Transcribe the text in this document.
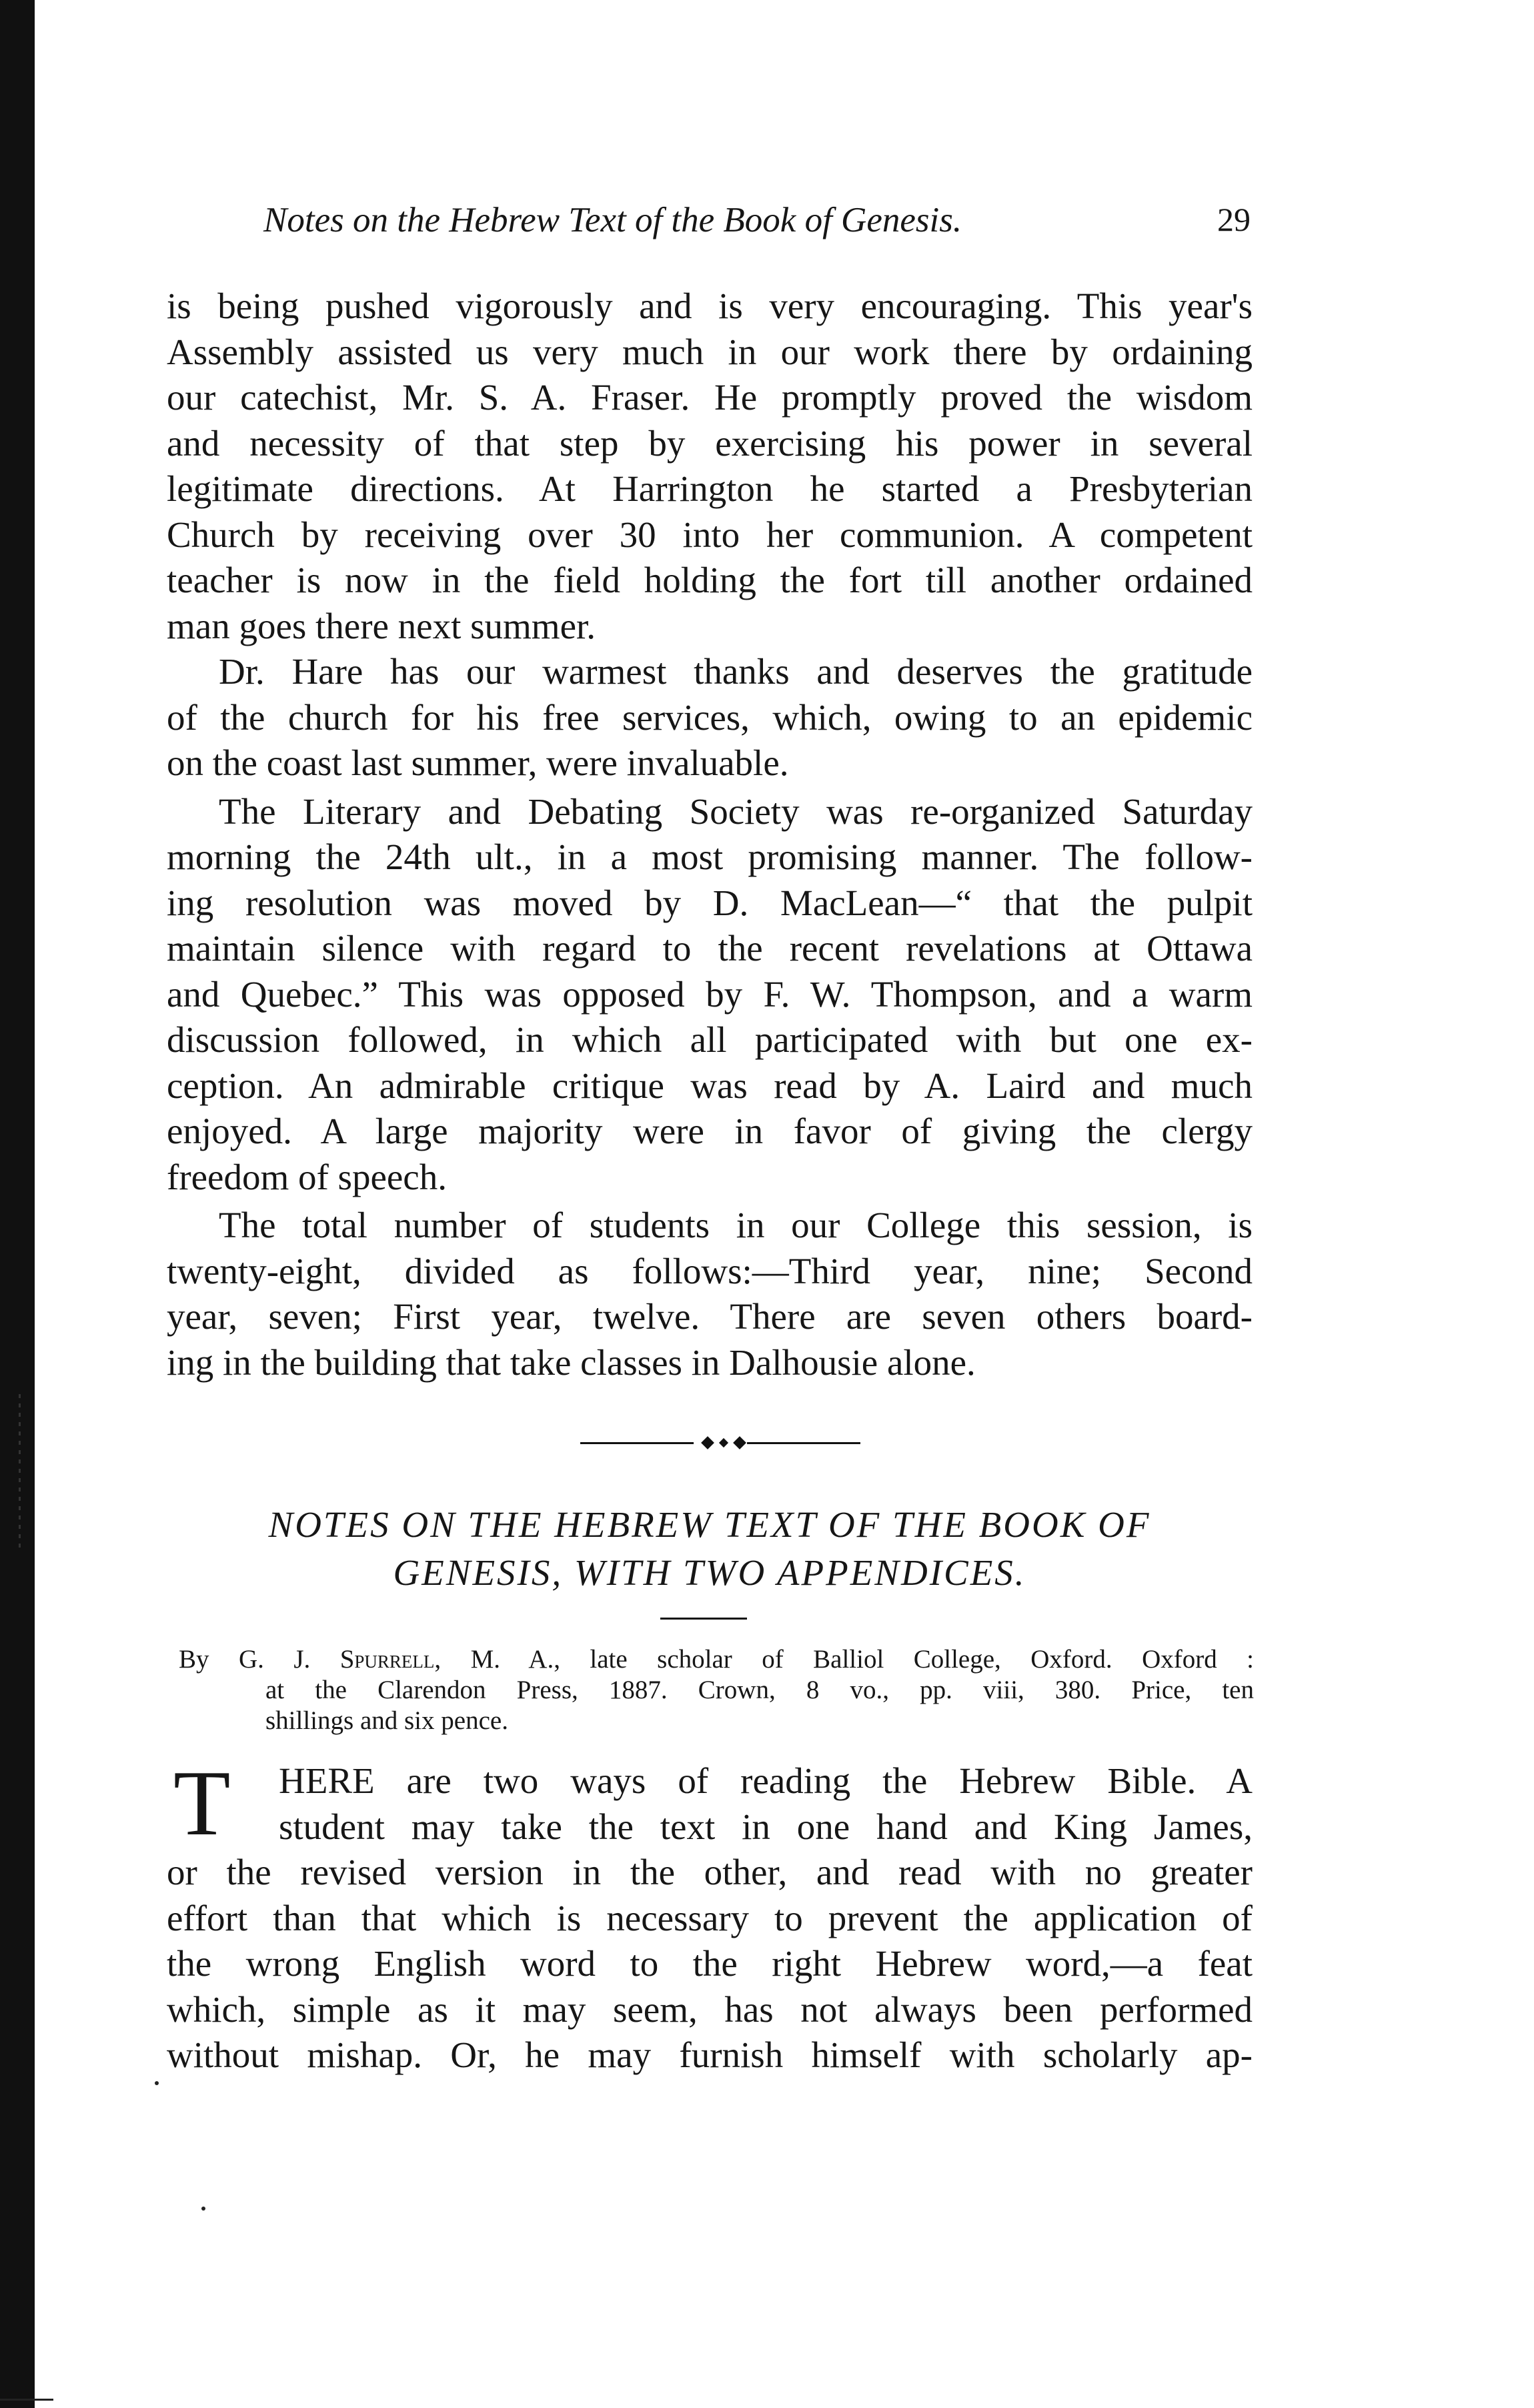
Notes on the Hebrew Text of the Book of Genesis.	29
is being pushed vigorously and is very encouraging. This year's
Assembly assisted us very much in our work there by ordaining
our catechist, Mr. S. A. Fraser. He promptly proved the wisdom
and necessity of that step by exercising his power in several
legitimate directions. At Harrington he started a Presbyterian
Church by receiving over 30 into her communion. A competent
teacher is now in the field holding the fort till another ordained
man goes there next summer.
Dr. Hare has our warmest thanks and deserves the gratitude
of the church for his free services, which, owing to an epidemic
on the coast last summer, were invaluable.
The Literary and Debating Society was re-organized Saturday
morning the 24th ult., in a most promising manner. The follow-
ing resolution was moved by D. MacLean—“ that the pulpit
maintain silence with regard to the recent revelations at Ottawa
and Quebec.” This was opposed by F. W. Thompson, and a warm
discussion followed, in which all participated with but one ex-
ception. An admirable critique was read by A. Laird and much
enjoyed. A large majority were in favor of giving the clergy
freedom of speech.
The total number of students in our College this session, is
twenty-eight, divided as follows:—Third year, nine; Second
year, seven; First year, twelve. There are seven others board-
ing in the building that take classes in Dalhousie alone.
NOTES ON THE HEBREW TEXT OF THE BOOK OF
GENESIS, WITH TWO APPENDICES.
By G. J. Spurrell, M. A., late scholar of Balliol College, Oxford. Oxford :
at the Clarendon Press, 1887. Crown, 8 vo., pp. viii, 380. Price, ten
shillings and six pence.
T	HERE are two ways of reading the Hebrew Bible. A
student may take the text in one hand and King James,
or the revised version in the other, and read with no greater
effort than that which is necessary to prevent the application of
the wrong English word to the right Hebrew word,—a feat
which, simple as it may seem, has not always been performed
without mishap. Or, he may furnish himself with scholarly ap-
